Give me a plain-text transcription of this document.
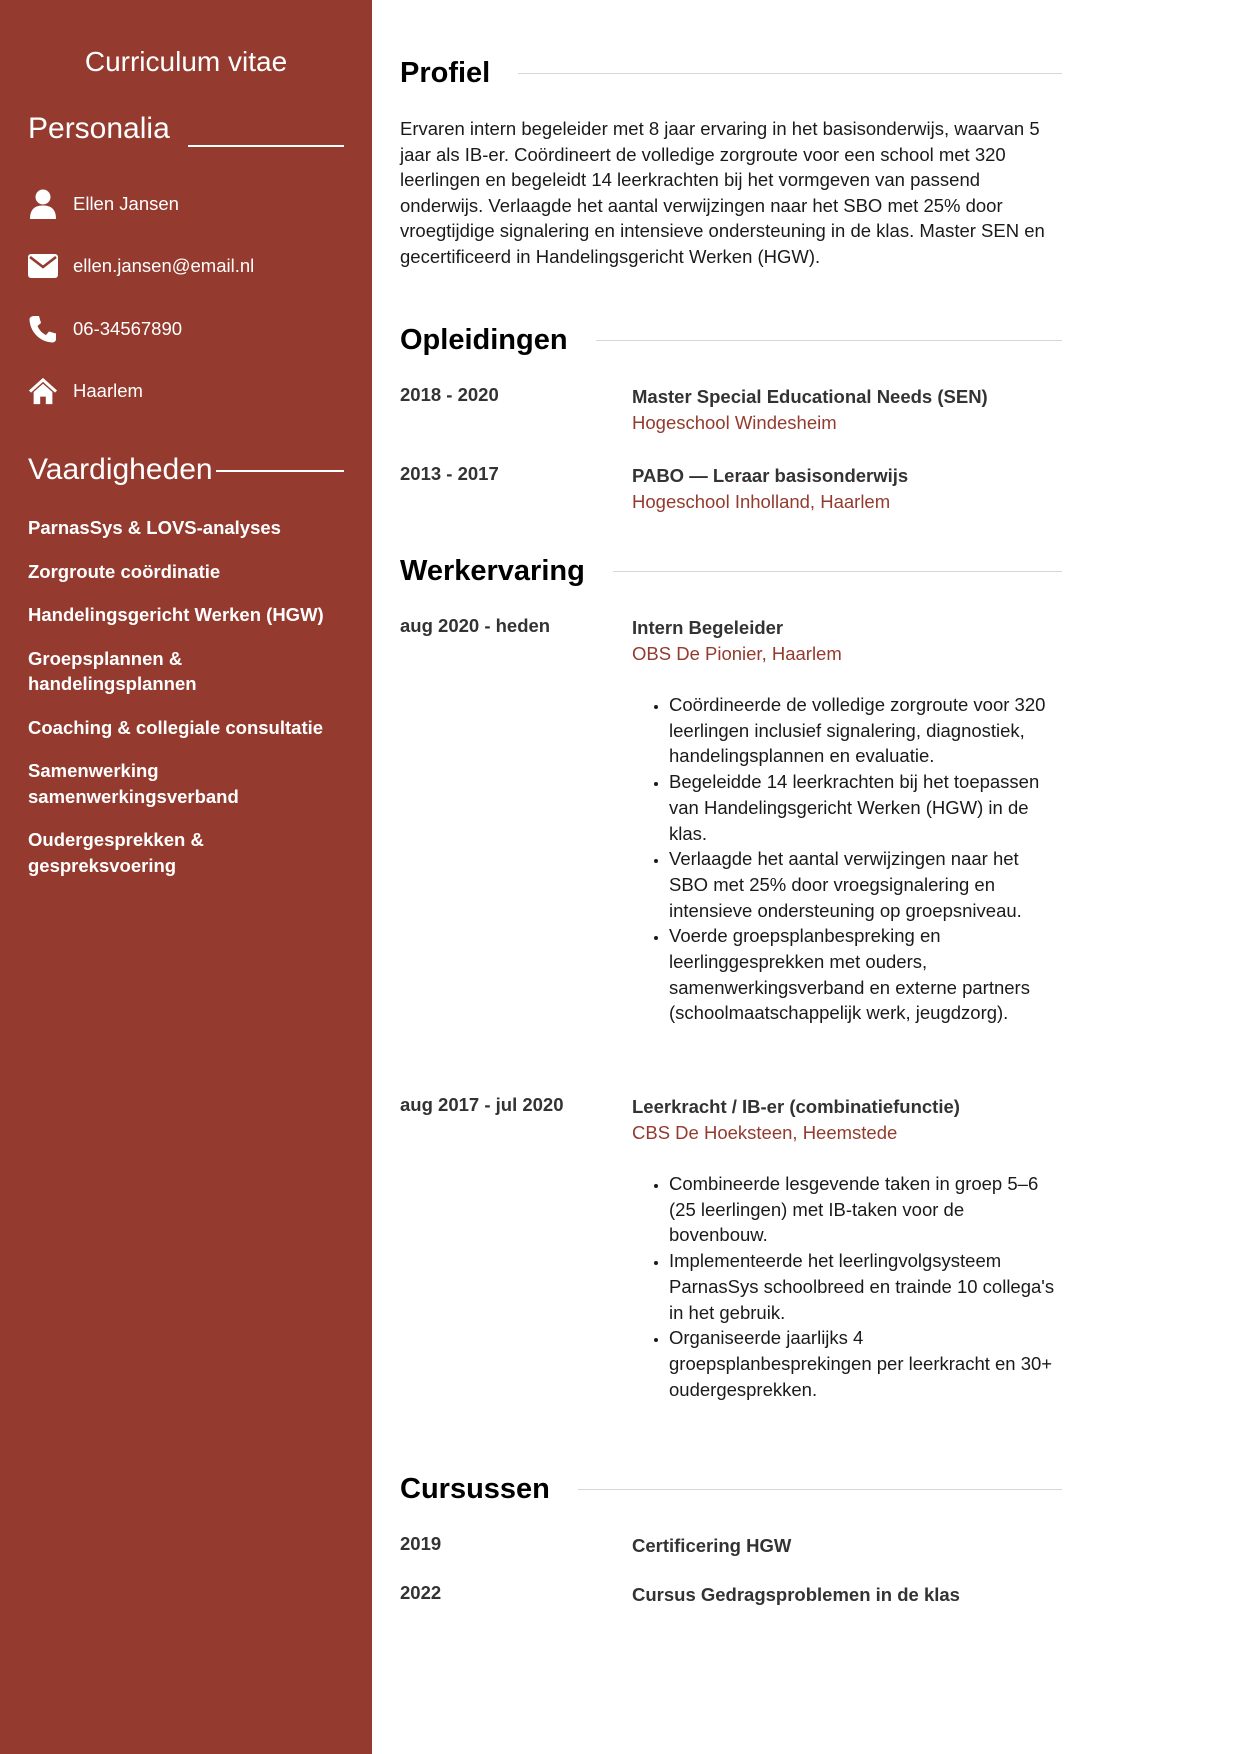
Curriculum vitae
Personalia
Ellen Jansen
ellen.jansen@email.nl
06-34567890
Haarlem
Vaardigheden
ParnasSys & LOVS-analyses
Zorgroute coördinatie
Handelingsgericht Werken (HGW)
Groepsplannen & handelingsplannen
Coaching & collegiale consultatie
Samenwerking samenwerkingsverband
Oudergesprekken & gespreksvoering
Profiel

Ervaren intern begeleider met 8 jaar ervaring in het basisonderwijs, waarvan 5 jaar als IB-er. Coördineert de volledige zorgroute voor een school met 320 leerlingen en begeleidt 14 leerkrachten bij het vormgeven van passend onderwijs. Verlaagde het aantal verwijzingen naar het SBO met 25% door vroegtijdige signalering en intensieve ondersteuning in de klas. Master SEN en gecertificeerd in Handelingsgericht Werken (HGW).

Opleidingen
2018 - 2020	Master Special Educational Needs (SEN)
Hogeschool Windesheim
2013 - 2017	PABO — Leraar basisonderwijs
Hogeschool Inholland, Haarlem
Werkervaring
aug 2020 - heden	Intern Begeleider
OBS De Pionier, Haarlem
• Coördineerde de volledige zorgroute voor 320 leerlingen inclusief signalering, diagnostiek, handelingsplannen en evaluatie.
• Begeleidde 14 leerkrachten bij het toepassen van Handelingsgericht Werken (HGW) in de klas.
• Verlaagde het aantal verwijzingen naar het SBO met 25% door vroegsignalering en intensieve ondersteuning op groepsniveau.
• Voerde groepsplanbespreking en leerlinggesprekken met ouders, samenwerkingsverband en externe partners (schoolmaatschappelijk werk, jeugdzorg).
aug 2017 - jul 2020	Leerkracht / IB-er (combinatiefunctie)
CBS De Hoeksteen, Heemstede
• Combineerde lesgevende taken in groep 5–6 (25 leerlingen) met IB-taken voor de bovenbouw.
• Implementeerde het leerlingvolgsysteem ParnasSys schoolbreed en trainde 10 collega's in het gebruik.
• Organiseerde jaarlijks 4 groepsplanbesprekingen per leerkracht en 30+ oudergesprekken.
Cursussen
2019	Certificering HGW
2022	Cursus Gedragsproblemen in de klas
